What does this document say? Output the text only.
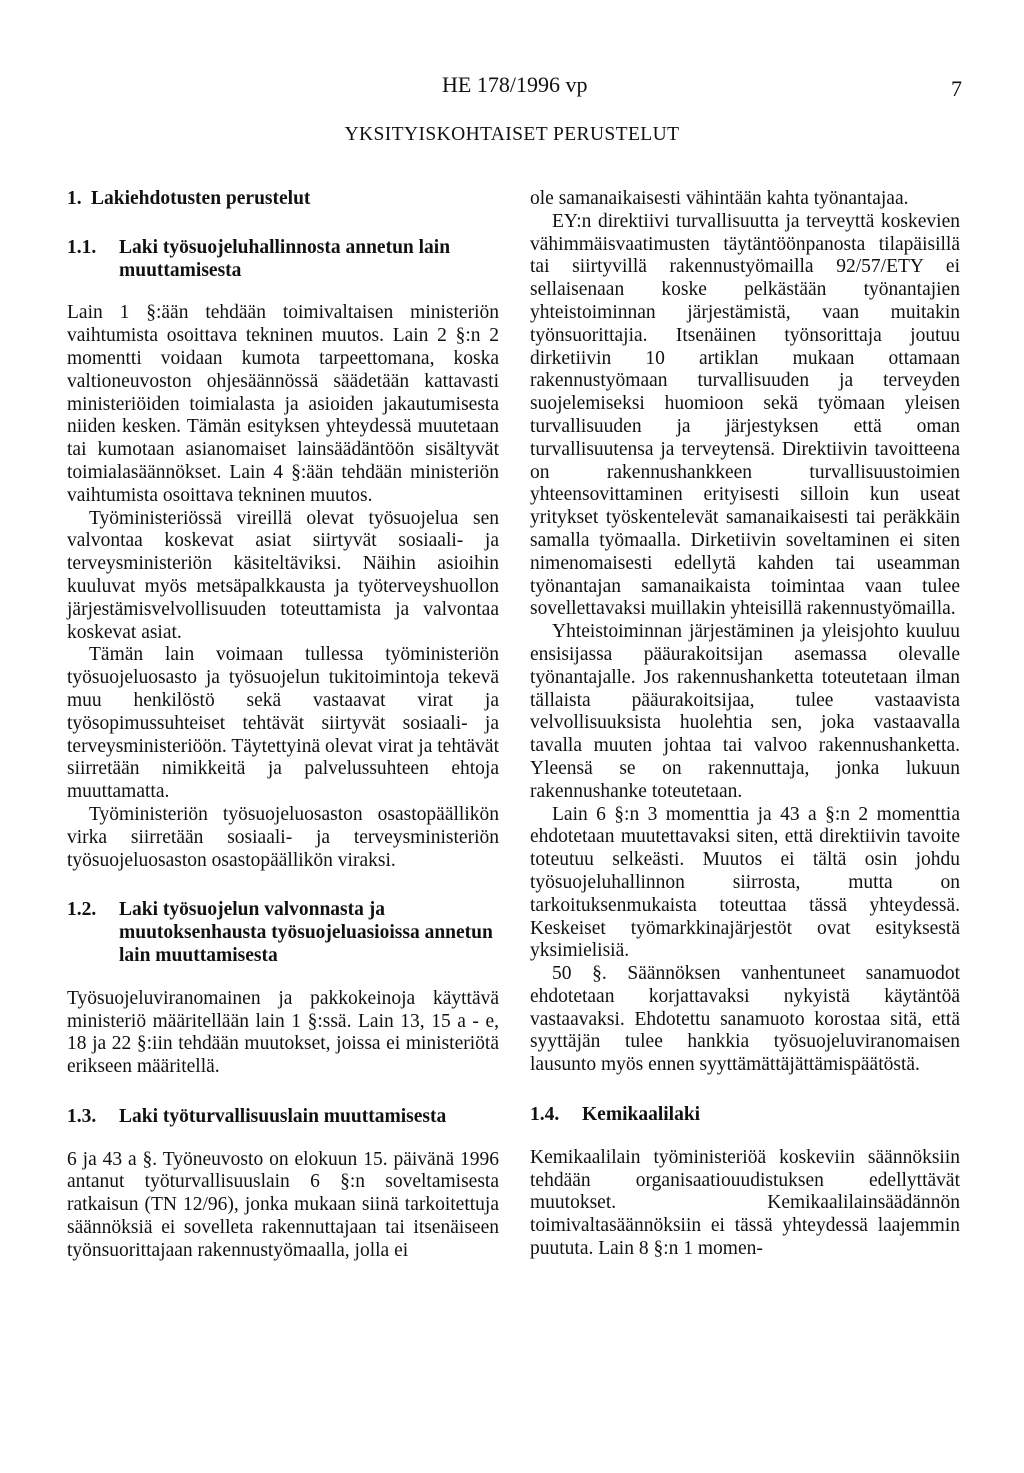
HE 178/1996 vp	7
YKSITYISKOHTAISET PERUSTELUT
1. Lakiehdotusten perustelut
1.1.	Laki työsuojeluhallinnosta annetun lain muuttamisesta

Lain 1 §:ään tehdään toimivaltaisen ministeriön vaihtumista osoittava tekninen muutos. Lain 2 §:n 2 momentti voidaan kumota tarpeettomana, koska valtioneuvoston ohjesäännössä säädetään kattavasti ministeriöiden toimialasta ja asioiden jakautumisesta niiden kesken. Tämän esityksen yhteydessä muutetaan tai kumotaan asianomaiset lainsäädäntöön sisältyvät toimialasäännökset. Lain 4 §:ään tehdään ministeriön vaihtumista osoittava tekninen muutos.

Työministeriössä vireillä olevat työsuojelua sen valvontaa koskevat asiat siirtyvät sosiaali- ja terveysministeriön käsiteltäviksi. Näihin asioihin kuuluvat myös metsäpalkkausta ja työterveyshuollon järjestämisvelvollisuuden toteuttamista ja valvontaa koskevat asiat.

Tämän lain voimaan tullessa työministeriön työsuojeluosasto ja työsuojelun tukitoimintoja tekevä muu henkilöstö sekä vastaavat virat ja työsopimussuhteiset tehtävät siirtyvät sosiaali- ja terveysministeriöön. Täytettyinä olevat virat ja tehtävät siirretään nimikkeitä ja palvelussuhteen ehtoja muuttamatta.

Työministeriön työsuojeluosaston osastopäällikön virka siirretään sosiaali- ja terveysministeriön työsuojeluosaston osastopäällikön viraksi.

1.2.	Laki työsuojelun valvonnasta ja muutoksenhausta työsuojeluasioissa annetun lain muuttamisesta

Työsuojeluviranomainen ja pakkokeinoja käyttävä ministeriö määritellään lain 1 §:ssä. Lain 13, 15 a - e, 18 ja 22 §:iin tehdään muutokset, joissa ei ministeriötä erikseen määritellä.

1.3.	Laki työturvallisuuslain muuttamisesta

6 ja 43 a §. Työneuvosto on elokuun 15. päivänä 1996 antanut työturvallisuuslain 6 §:n soveltamisesta ratkaisun (TN 12/96), jonka mukaan siinä tarkoitettuja säännöksiä ei sovelleta rakennuttajaan tai itsenäiseen työnsuorittajaan rakennustyömaalla, jolla ei

ole samanaikaisesti vähintään kahta työnantajaa.

EY:n direktiivi turvallisuutta ja terveyttä koskevien vähimmäisvaatimusten täytäntöönpanosta tilapäisillä tai siirtyvillä rakennustyömailla 92/57/ETY ei sellaisenaan koske pelkästään työnantajien yhteistoiminnan järjestämistä, vaan muitakin työnsuorittajia. Itsenäinen työnsorittaja joutuu dirketiivin 10 artiklan mukaan ottamaan rakennustyömaan turvallisuuden ja terveyden suojelemiseksi huomioon sekä työmaan yleisen turvallisuuden ja järjestyksen että oman turvallisuutensa ja terveytensä. Direktiivin tavoitteena on rakennushankkeen turvallisuustoimien yhteensovittaminen erityisesti silloin kun useat yritykset työskentelevät samanaikaisesti tai peräkkäin samalla työmaalla. Dirketiivin soveltaminen ei siten nimenomaisesti edellytä kahden tai useamman työnantajan samanaikaista toimintaa vaan tulee sovellettavaksi muillakin yhteisillä rakennustyömailla.

Yhteistoiminnan järjestäminen ja yleisjohto kuuluu ensisijassa pääurakoitsijan asemassa olevalle työnantajalle. Jos rakennushanketta toteutetaan ilman tällaista pääurakoitsijaa, tulee vastaavista velvollisuuksista huolehtia sen, joka vastaavalla tavalla muuten johtaa tai valvoo rakennushanketta. Yleensä se on rakennuttaja, jonka lukuun rakennushanke toteutetaan.

Lain 6 §:n 3 momenttia ja 43 a §:n 2 momenttia ehdotetaan muutettavaksi siten, että direktiivin tavoite toteutuu selkeästi. Muutos ei tältä osin johdu työsuojeluhallinnon siirrosta, mutta on tarkoituksenmukaista toteuttaa tässä yhteydessä. Keskeiset työmarkkinajärjestöt ovat esityksestä yksimielisiä.

50 §. Säännöksen vanhentuneet sanamuodot ehdotetaan korjattavaksi nykyistä käytäntöä vastaavaksi. Ehdotettu sanamuoto korostaa sitä, että syyttäjän tulee hankkia työsuojeluviranomaisen lausunto myös ennen syyttämättäjättämispäätöstä.

1.4.	Kemikaalilaki

Kemikaalilain työministeriöä koskeviin säännöksiin tehdään organisaatiouudistuksen edellyttävät muutokset. Kemikaalilainsäädännön toimivaltasäännöksiin ei tässä yhteydessä laajemmin puututa. Lain 8 §:n 1 momen-
